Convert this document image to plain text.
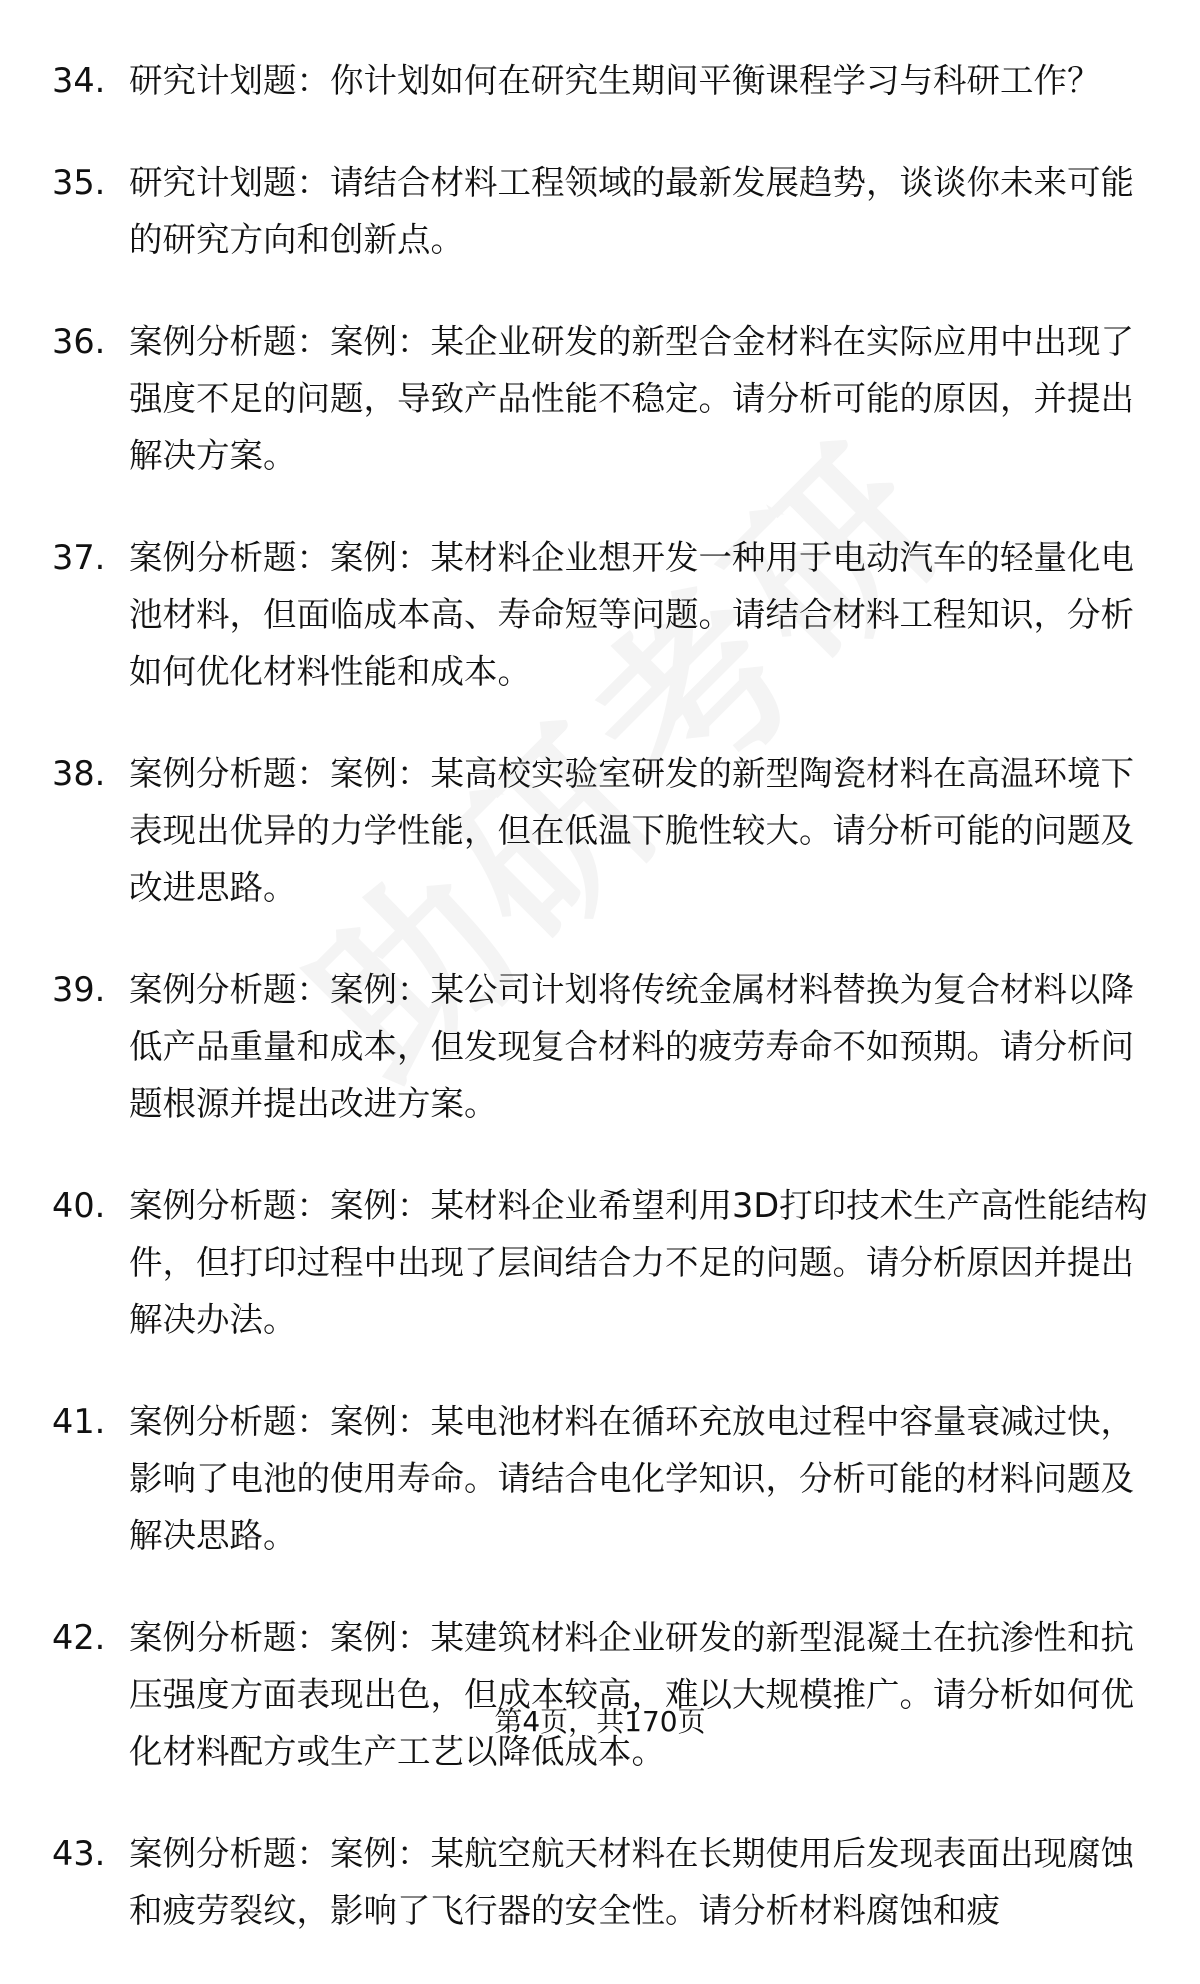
34. 研究计划题：你计划如何在研究生期间平衡课程学习与科研工作？
35. 研究计划题：请结合材料工程领域的最新发展趋势，谈谈你未来可能的研究方向和创新点。
36. 案例分析题：案例：某企业研发的新型合金材料在实际应用中出现了强度不足的问题，导致产品性能不稳定。请分析可能的原因，并提出解决方案。
37. 案例分析题：案例：某材料企业想开发一种用于电动汽车的轻量化电池材料，但面临成本高、寿命短等问题。请结合材料工程知识，分析如何优化材料性能和成本。
38. 案例分析题：案例：某高校实验室研发的新型陶瓷材料在高温环境下表现出优异的力学性能，但在低温下脆性较大。请分析可能的问题及改进思路。
39. 案例分析题：案例：某公司计划将传统金属材料替换为复合材料以降低产品重量和成本，但发现复合材料的疲劳寿命不如预期。请分析问题根源并提出改进方案。
40. 案例分析题：案例：某材料企业希望利用3D打印技术生产高性能结构件，但打印过程中出现了层间结合力不足的问题。请分析原因并提出解决办法。
41. 案例分析题：案例：某电池材料在循环充放电过程中容量衰减过快，影响了电池的使用寿命。请结合电化学知识，分析可能的材料问题及解决思路。
42. 案例分析题：案例：某建筑材料企业研发的新型混凝土在抗渗性和抗压强度方面表现出色，但成本较高，难以大规模推广。请分析如何优化材料配方或生产工艺以降低成本。
43. 案例分析题：案例：某航空航天材料在长期使用后发现表面出现腐蚀和疲劳裂纹，影响了飞行器的安全性。请分析材料腐蚀和疲
第4页，共170页
